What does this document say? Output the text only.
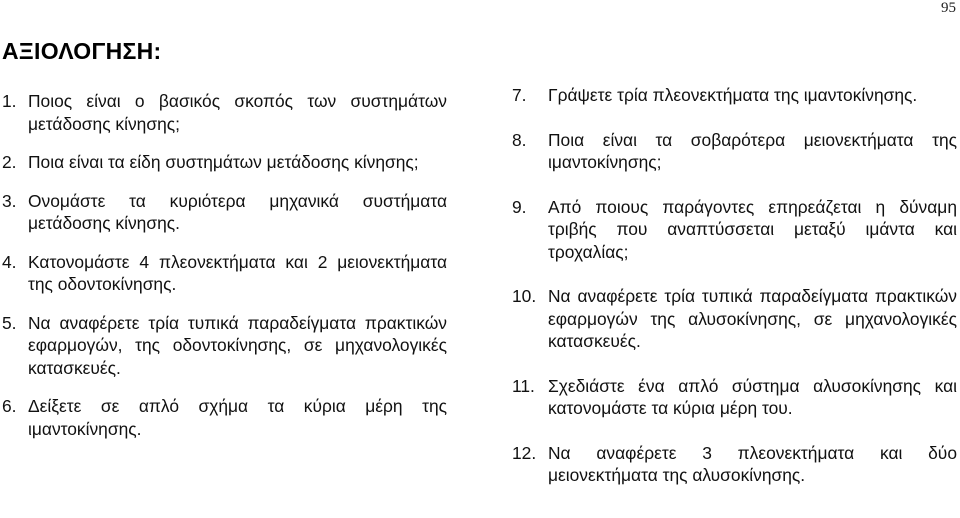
95
ΑΞΙΟΛΟΓΗΣΗ:
1. Ποιος είναι ο βασικός σκοπός των συστημάτων μετάδοσης κίνησης;
2. Ποια είναι τα είδη συστημάτων μετάδοσης κίνησης;
3. Ονομάστε τα κυριότερα μηχανικά συστήματα μετάδοσης κίνησης.
4. Κατονομάστε 4 πλεονεκτήματα και 2 μειονεκτήματα της οδοντοκίνησης.
5. Να αναφέρετε τρία τυπικά παραδείγματα πρακτικών εφαρμογών, της οδοντοκίνησης, σε μηχανολογικές κατασκευές.
6. Δείξετε σε απλό σχήμα τα κύρια μέρη της ιμαντοκίνησης.
7. Γράψετε τρία πλεονεκτήματα της ιμαντοκίνησης.
8. Ποια είναι τα σοβαρότερα μειονεκτήματα της ιμαντοκίνησης;
9. Από ποιους παράγοντες επηρεάζεται η δύναμη τριβής που αναπτύσσεται μεταξύ ιμάντα και τροχαλίας;
10. Να αναφέρετε τρία τυπικά παραδείγματα πρακτικών εφαρμογών της αλυσοκίνησης, σε μηχανολογικές κατασκευές.
11. Σχεδιάστε ένα απλό σύστημα αλυσοκίνησης και κατονομάστε τα κύρια μέρη του.
12. Να αναφέρετε 3 πλεονεκτήματα και δύο μειονεκτήματα της αλυσοκίνησης.
